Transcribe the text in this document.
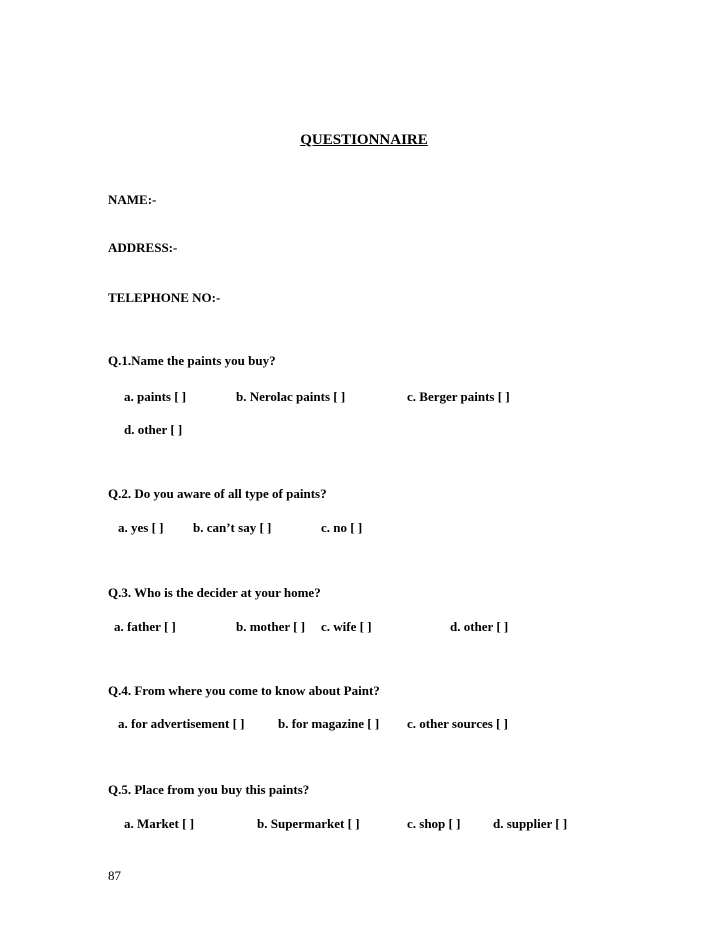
QUESTIONNAIRE
NAME:-
ADDRESS:-
TELEPHONE NO:-
Q.1.Name the paints you buy?
a. paints [ ]	b. Nerolac paints [ ]	c. Berger paints [ ]
d. other [ ]
Q.2. Do you aware of all type of paints?
a. yes [ ] b. can’t say [ ]	c. no [ ]
Q.3. Who is the decider at your home?
a. father [ ]	b. mother [ ] c. wife [ ]	d. other [ ]
Q.4. From where you come to know about Paint?
a. for advertisement [ ]	b. for magazine [ ] c. other sources [ ]
Q.5. Place from you buy this paints?
a. Market [ ]	b. Supermarket [ ]	c. shop [ ]	d. supplier [ ]
87
